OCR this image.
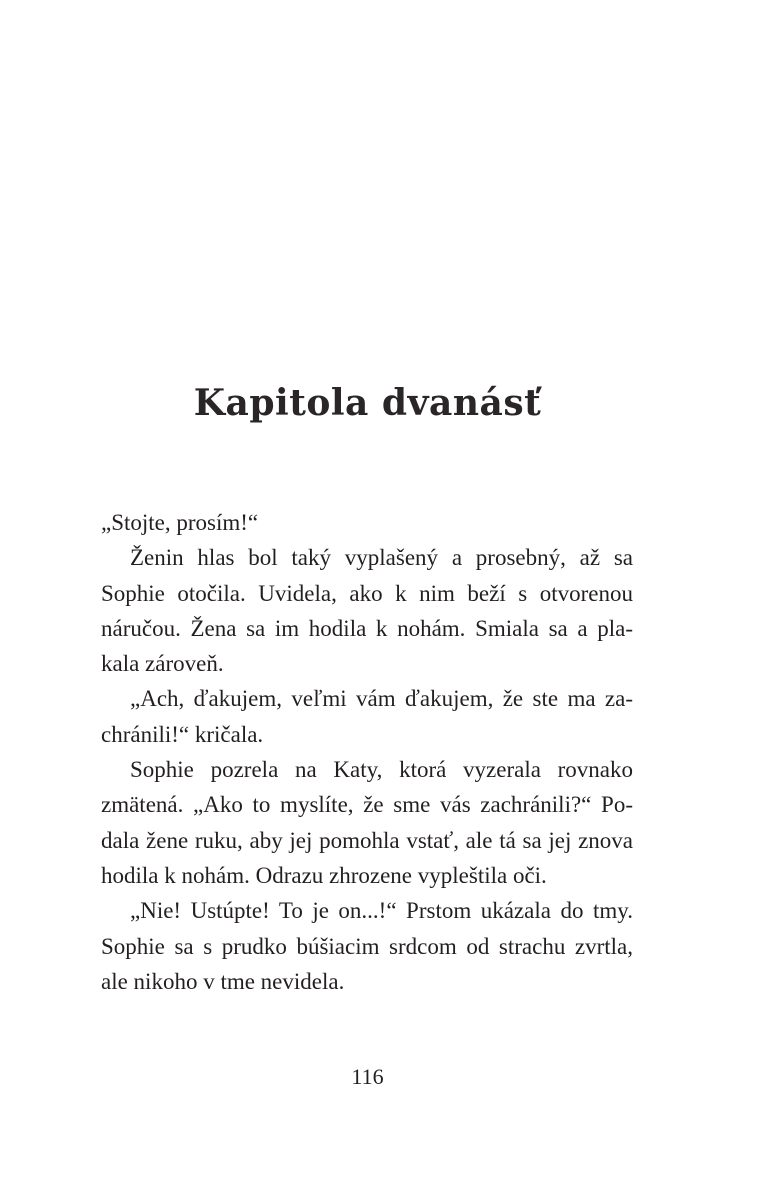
Kapitola dvanásť
„Stojte, prosím!“
Ženin hlas bol taký vyplašený a prosebný, až sa
Sophie otočila. Uvidela, ako k nim beží s otvorenou
náručou. Žena sa im hodila k nohám. Smiala sa a pla-
kala zároveň.
„Ach, ďakujem, veľmi vám ďakujem, že ste ma za-
chránili!“ kričala.
Sophie pozrela na Katy, ktorá vyzerala rovnako
zmätená. „Ako to myslíte, že sme vás zachránili?“ Po-
dala žene ruku, aby jej pomohla vstať, ale tá sa jej znova
hodila k nohám. Odrazu zhrozene vypleštila oči.
„Nie! Ustúpte! To je on...!“ Prstom ukázala do tmy.
Sophie sa s prudko búšiacim srdcom od strachu zvrtla,
ale nikoho v tme nevidela.
116
